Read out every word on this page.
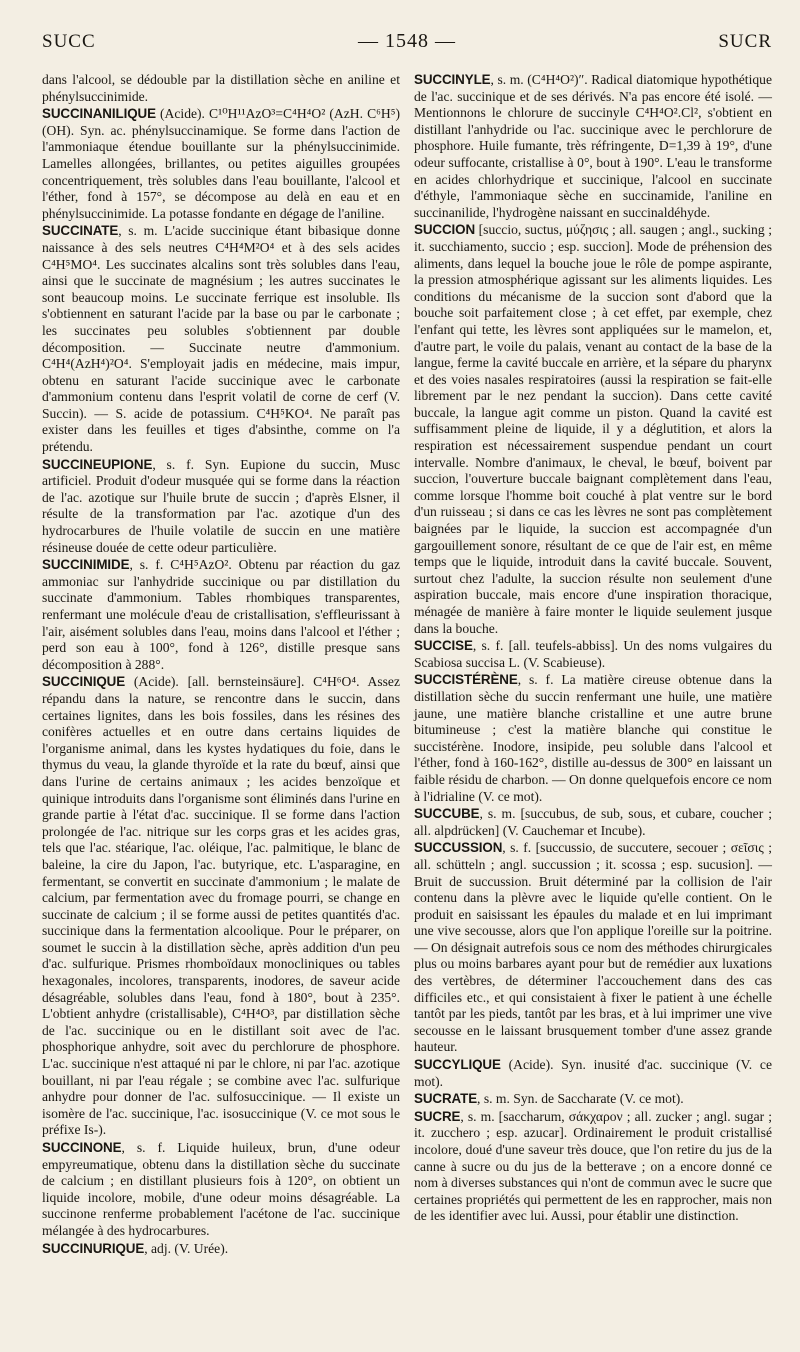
SUCC	— 1548 —	SUCR

dans l'alcool, se dédouble par la distillation sèche en aniline et phénylsuccinimide.

SUCCINANILIQUE (Acide). C¹⁰H¹¹AzO³=C⁴H⁴O² (AzH. C⁶H⁵) (OH). Syn. ac. phénylsuccinamique. Se forme dans l'action de l'ammoniaque étendue bouillante sur la phénylsuccinimide. Lamelles allongées, brillantes, ou petites aiguilles groupées concentriquement, très solubles dans l'eau bouillante, l'alcool et l'éther, fond à 157°, se décompose au delà en eau et en phénylsuccinimide. La potasse fondante en dégage de l'aniline.

SUCCINATE, s. m. L'acide succinique étant bibasique donne naissance à des sels neutres C⁴H⁴M²O⁴ et à des sels acides C⁴H⁵MO⁴. Les succinates alcalins sont très solubles dans l'eau, ainsi que le succinate de magnésium ; les autres succinates le sont beaucoup moins. Le succinate ferrique est insoluble. Ils s'obtiennent en saturant l'acide par la base ou par le carbonate ; les succinates peu solubles s'obtiennent par double décomposition. — Succinate neutre d'ammonium. C⁴H⁴(AzH⁴)²O⁴. S'employait jadis en médecine, mais impur, obtenu en saturant l'acide succinique avec le carbonate d'ammonium contenu dans l'esprit volatil de corne de cerf (V. Succin). — S. acide de potassium. C⁴H⁵KO⁴. Ne paraît pas exister dans les feuilles et tiges d'absinthe, comme on l'a prétendu.

SUCCINEUPIONE, s. f. Syn. Eupione du succin, Musc artificiel. Produit d'odeur musquée qui se forme dans la réaction de l'ac. azotique sur l'huile brute de succin ; d'après Elsner, il résulte de la transformation par l'ac. azotique d'un des hydrocarbures de l'huile volatile de succin en une matière résineuse douée de cette odeur particulière.

SUCCINIMIDE, s. f. C⁴H⁵AzO². Obtenu par réaction du gaz ammoniac sur l'anhydride succinique ou par distillation du succinate d'ammonium. Tables rhombiques transparentes, renfermant une molécule d'eau de cristallisation, s'effleurissant à l'air, aisément solubles dans l'eau, moins dans l'alcool et l'éther ; perd son eau à 100°, fond à 126°, distille presque sans décomposition à 288°.

SUCCINIQUE (Acide). [all. bernsteinsäure]. C⁴H⁶O⁴. Assez répandu dans la nature, se rencontre dans le succin, dans certaines lignites, dans les bois fossiles, dans les résines des conifères actuelles et en outre dans certains liquides de l'organisme animal, dans les kystes hydatiques du foie, dans le thymus du veau, la glande thyroïde et la rate du bœuf, ainsi que dans l'urine de certains animaux ; les acides benzoïque et quinique introduits dans l'organisme sont éliminés dans l'urine en grande partie à l'état d'ac. succinique. Il se forme dans l'action prolongée de l'ac. nitrique sur les corps gras et les acides gras, tels que l'ac. stéarique, l'ac. oléique, l'ac. palmitique, le blanc de baleine, la cire du Japon, l'ac. butyrique, etc. L'asparagine, en fermentant, se convertit en succinate d'ammonium ; le malate de calcium, par fermentation avec du fromage pourri, se change en succinate de calcium ; il se forme aussi de petites quantités d'ac. succinique dans la fermentation alcoolique. Pour le préparer, on soumet le succin à la distillation sèche, après addition d'un peu d'ac. sulfurique. Prismes rhomboïdaux monocliniques ou tables hexagonales, incolores, transparents, inodores, de saveur acide désagréable, solubles dans l'eau, fond à 180°, bout à 235°. L'obtient anhydre (cristallisable), C⁴H⁴O³, par distillation sèche de l'ac. succinique ou en le distillant soit avec de l'ac. phosphorique anhydre, soit avec du perchlorure de phosphore. L'ac. succinique n'est attaqué ni par le chlore, ni par l'ac. azotique bouillant, ni par l'eau régale ; se combine avec l'ac. sulfurique anhydre pour donner de l'ac. sulfosuccinique. — Il existe un isomère de l'ac. succinique, l'ac. isosuccinique (V. ce mot sous le préfixe Is-).

SUCCINONE, s. f. Liquide huileux, brun, d'une odeur empyreumatique, obtenu dans la distillation sèche du succinate de calcium ; en distillant plusieurs fois à 120°, on obtient un liquide incolore, mobile, d'une odeur moins désagréable. La succinone renferme probablement l'acétone de l'ac. succinique mélangée à des hydrocarbures.

SUCCINURIQUE, adj. (V. Urée).

SUCCINYLE, s. m. (C⁴H⁴O²)″. Radical diatomique hypothétique de l'ac. succinique et de ses dérivés. N'a pas encore été isolé. — Mentionnons le chlorure de succinyle C⁴H⁴O².Cl², s'obtient en distillant l'anhydride ou l'ac. succinique avec le perchlorure de phosphore. Huile fumante, très réfringente, D=1,39 à 19°, d'une odeur suffocante, cristallise à 0°, bout à 190°. L'eau le transforme en acides chlorhydrique et succinique, l'alcool en succinate d'éthyle, l'ammoniaque sèche en succinamide, l'aniline en succinanilide, l'hydrogène naissant en succinaldéhyde.

SUCCION [succio, suctus, μύζησις ; all. saugen ; angl., sucking ; it. succhiamento, succio ; esp. succion]. Mode de préhension des aliments, dans lequel la bouche joue le rôle de pompe aspirante, la pression atmosphérique agissant sur les aliments liquides. Les conditions du mécanisme de la succion sont d'abord que la bouche soit parfaitement close ; à cet effet, par exemple, chez l'enfant qui tette, les lèvres sont appliquées sur le mamelon, et, d'autre part, le voile du palais, venant au contact de la base de la langue, ferme la cavité buccale en arrière, et la sépare du pharynx et des voies nasales respiratoires (aussi la respiration se fait-elle librement par le nez pendant la succion). Dans cette cavité buccale, la langue agit comme un piston. Quand la cavité est suffisamment pleine de liquide, il y a déglutition, et alors la respiration est nécessairement suspendue pendant un court intervalle. Nombre d'animaux, le cheval, le bœuf, boivent par succion, l'ouverture buccale baignant complètement dans l'eau, comme lorsque l'homme boit couché à plat ventre sur le bord d'un ruisseau ; si dans ce cas les lèvres ne sont pas complètement baignées par le liquide, la succion est accompagnée d'un gargouillement sonore, résultant de ce que de l'air est, en même temps que le liquide, introduit dans la cavité buccale. Souvent, surtout chez l'adulte, la succion résulte non seulement d'une aspiration buccale, mais encore d'une inspiration thoracique, ménagée de manière à faire monter le liquide seulement jusque dans la bouche.

SUCCISE, s. f. [all. teufels-abbiss]. Un des noms vulgaires du Scabiosa succisa L. (V. Scabieuse).

SUCCISTÉRÈNE, s. f. La matière cireuse obtenue dans la distillation sèche du succin renfermant une huile, une matière jaune, une matière blanche cristalline et une autre brune bitumineuse ; c'est la matière blanche qui constitue le succistérène. Inodore, insipide, peu soluble dans l'alcool et l'éther, fond à 160-162°, distille au-dessus de 300° en laissant un faible résidu de charbon. — On donne quelquefois encore ce nom à l'idrialine (V. ce mot).

SUCCUBE, s. m. [succubus, de sub, sous, et cubare, coucher ; all. alpdrücken] (V. Cauchemar et Incube).

SUCCUSSION, s. f. [succussio, de succutere, secouer ; σεῖσις ; all. schütteln ; angl. succussion ; it. scossa ; esp. sucusion]. — Bruit de succussion. Bruit déterminé par la collision de l'air contenu dans la plèvre avec le liquide qu'elle contient. On le produit en saisissant les épaules du malade et en lui imprimant une vive secousse, alors que l'on applique l'oreille sur la poitrine. — On désignait autrefois sous ce nom des méthodes chirurgicales plus ou moins barbares ayant pour but de remédier aux luxations des vertèbres, de déterminer l'accouchement dans des cas difficiles etc., et qui consistaient à fixer le patient à une échelle tantôt par les pieds, tantôt par les bras, et à lui imprimer une vive secousse en le laissant brusquement tomber d'une assez grande hauteur.

SUCCYLIQUE (Acide). Syn. inusité d'ac. succinique (V. ce mot).

SUCRATE, s. m. Syn. de Saccharate (V. ce mot).

SUCRE, s. m. [saccharum, σάκχαρον ; all. zucker ; angl. sugar ; it. zucchero ; esp. azucar]. Ordinairement le produit cristallisé incolore, doué d'une saveur très douce, que l'on retire du jus de la canne à sucre ou du jus de la betterave ; on a encore donné ce nom à diverses substances qui n'ont de commun avec le sucre que certaines propriétés qui permettent de les en rapprocher, mais non de les identifier avec lui. Aussi, pour établir une distinction.
